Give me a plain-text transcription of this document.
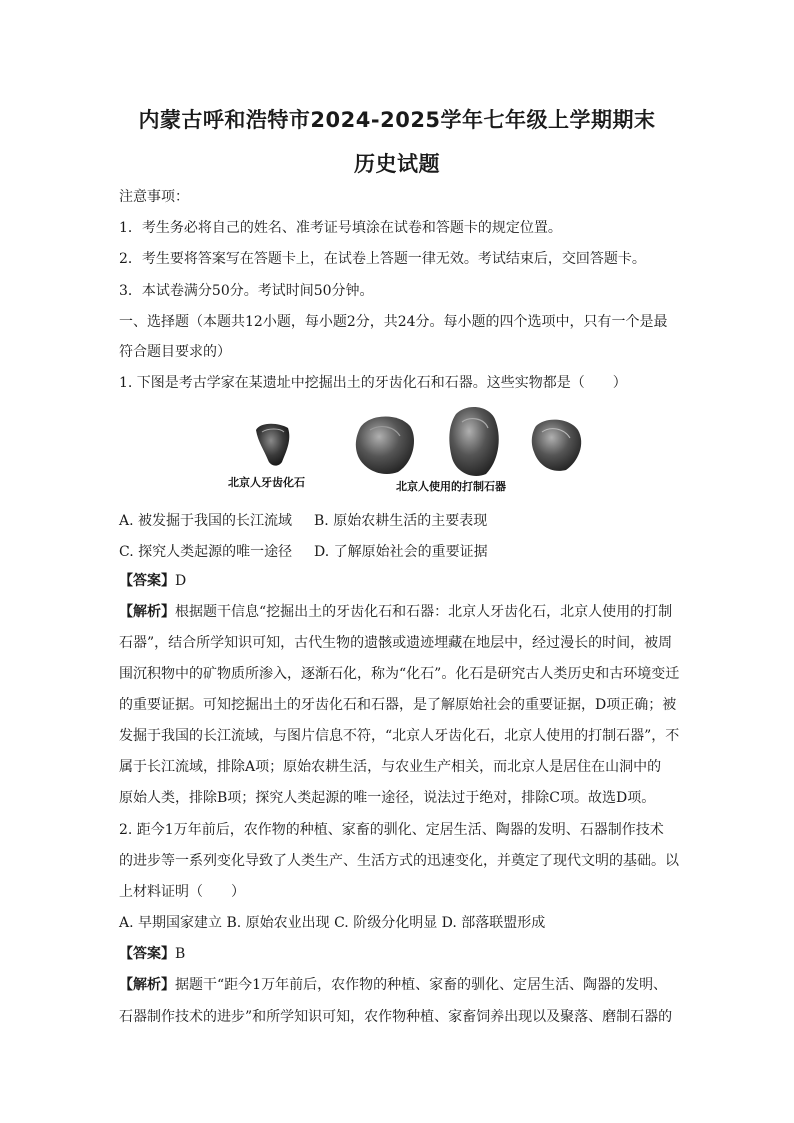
内蒙古呼和浩特市2024-2025学年七年级上学期期末
历史试题
注意事项：
1．考生务必将自己的姓名、准考证号填涂在试卷和答题卡的规定位置。
2．考生要将答案写在答题卡上，在试卷上答题一律无效。考试结束后，交回答题卡。
3．本试卷满分50分。考试时间50分钟。
一、选择题（本题共12小题，每小题2分，共24分。每小题的四个选项中，只有一个是最
符合题目要求的）
1. 下图是考古学家在某遗址中挖掘出土的牙齿化石和石器。这些实物都是（　　）
北京人牙齿化石	北京人使用的打制石器
A. 被发掘于我国的长江流域 B. 原始农耕生活的主要表现
C. 探究人类起源的唯一途径 D. 了解原始社会的重要证据
【答案】D
【解析】根据题干信息“挖掘出土的牙齿化石和石器：北京人牙齿化石，北京人使用的打制
石器”，结合所学知识可知，古代生物的遗骸或遗迹埋藏在地层中，经过漫长的时间，被周
围沉积物中的矿物质所渗入，逐渐石化，称为“化石”。化石是研究古人类历史和古环境变迁
的重要证据。可知挖掘出土的牙齿化石和石器，是了解原始社会的重要证据，D项正确；被
发掘于我国的长江流域，与图片信息不符，“北京人牙齿化石，北京人使用的打制石器”，不
属于长江流域，排除A项；原始农耕生活，与农业生产相关，而北京人是居住在山洞中的
原始人类，排除B项；探究人类起源的唯一途径，说法过于绝对，排除C项。故选D项。
2. 距今1万年前后，农作物的种植、家畜的驯化、定居生活、陶器的发明、石器制作技术
的进步等一系列变化导致了人类生产、生活方式的迅速变化，并奠定了现代文明的基础。以
上材料证明（　　）
A. 早期国家建立 B. 原始农业出现 C. 阶级分化明显 D. 部落联盟形成
【答案】B
【解析】据题干“距今1万年前后，农作物的种植、家畜的驯化、定居生活、陶器的发明、
石器制作技术的进步”和所学知识可知，农作物种植、家畜饲养出现以及聚落、磨制石器的
